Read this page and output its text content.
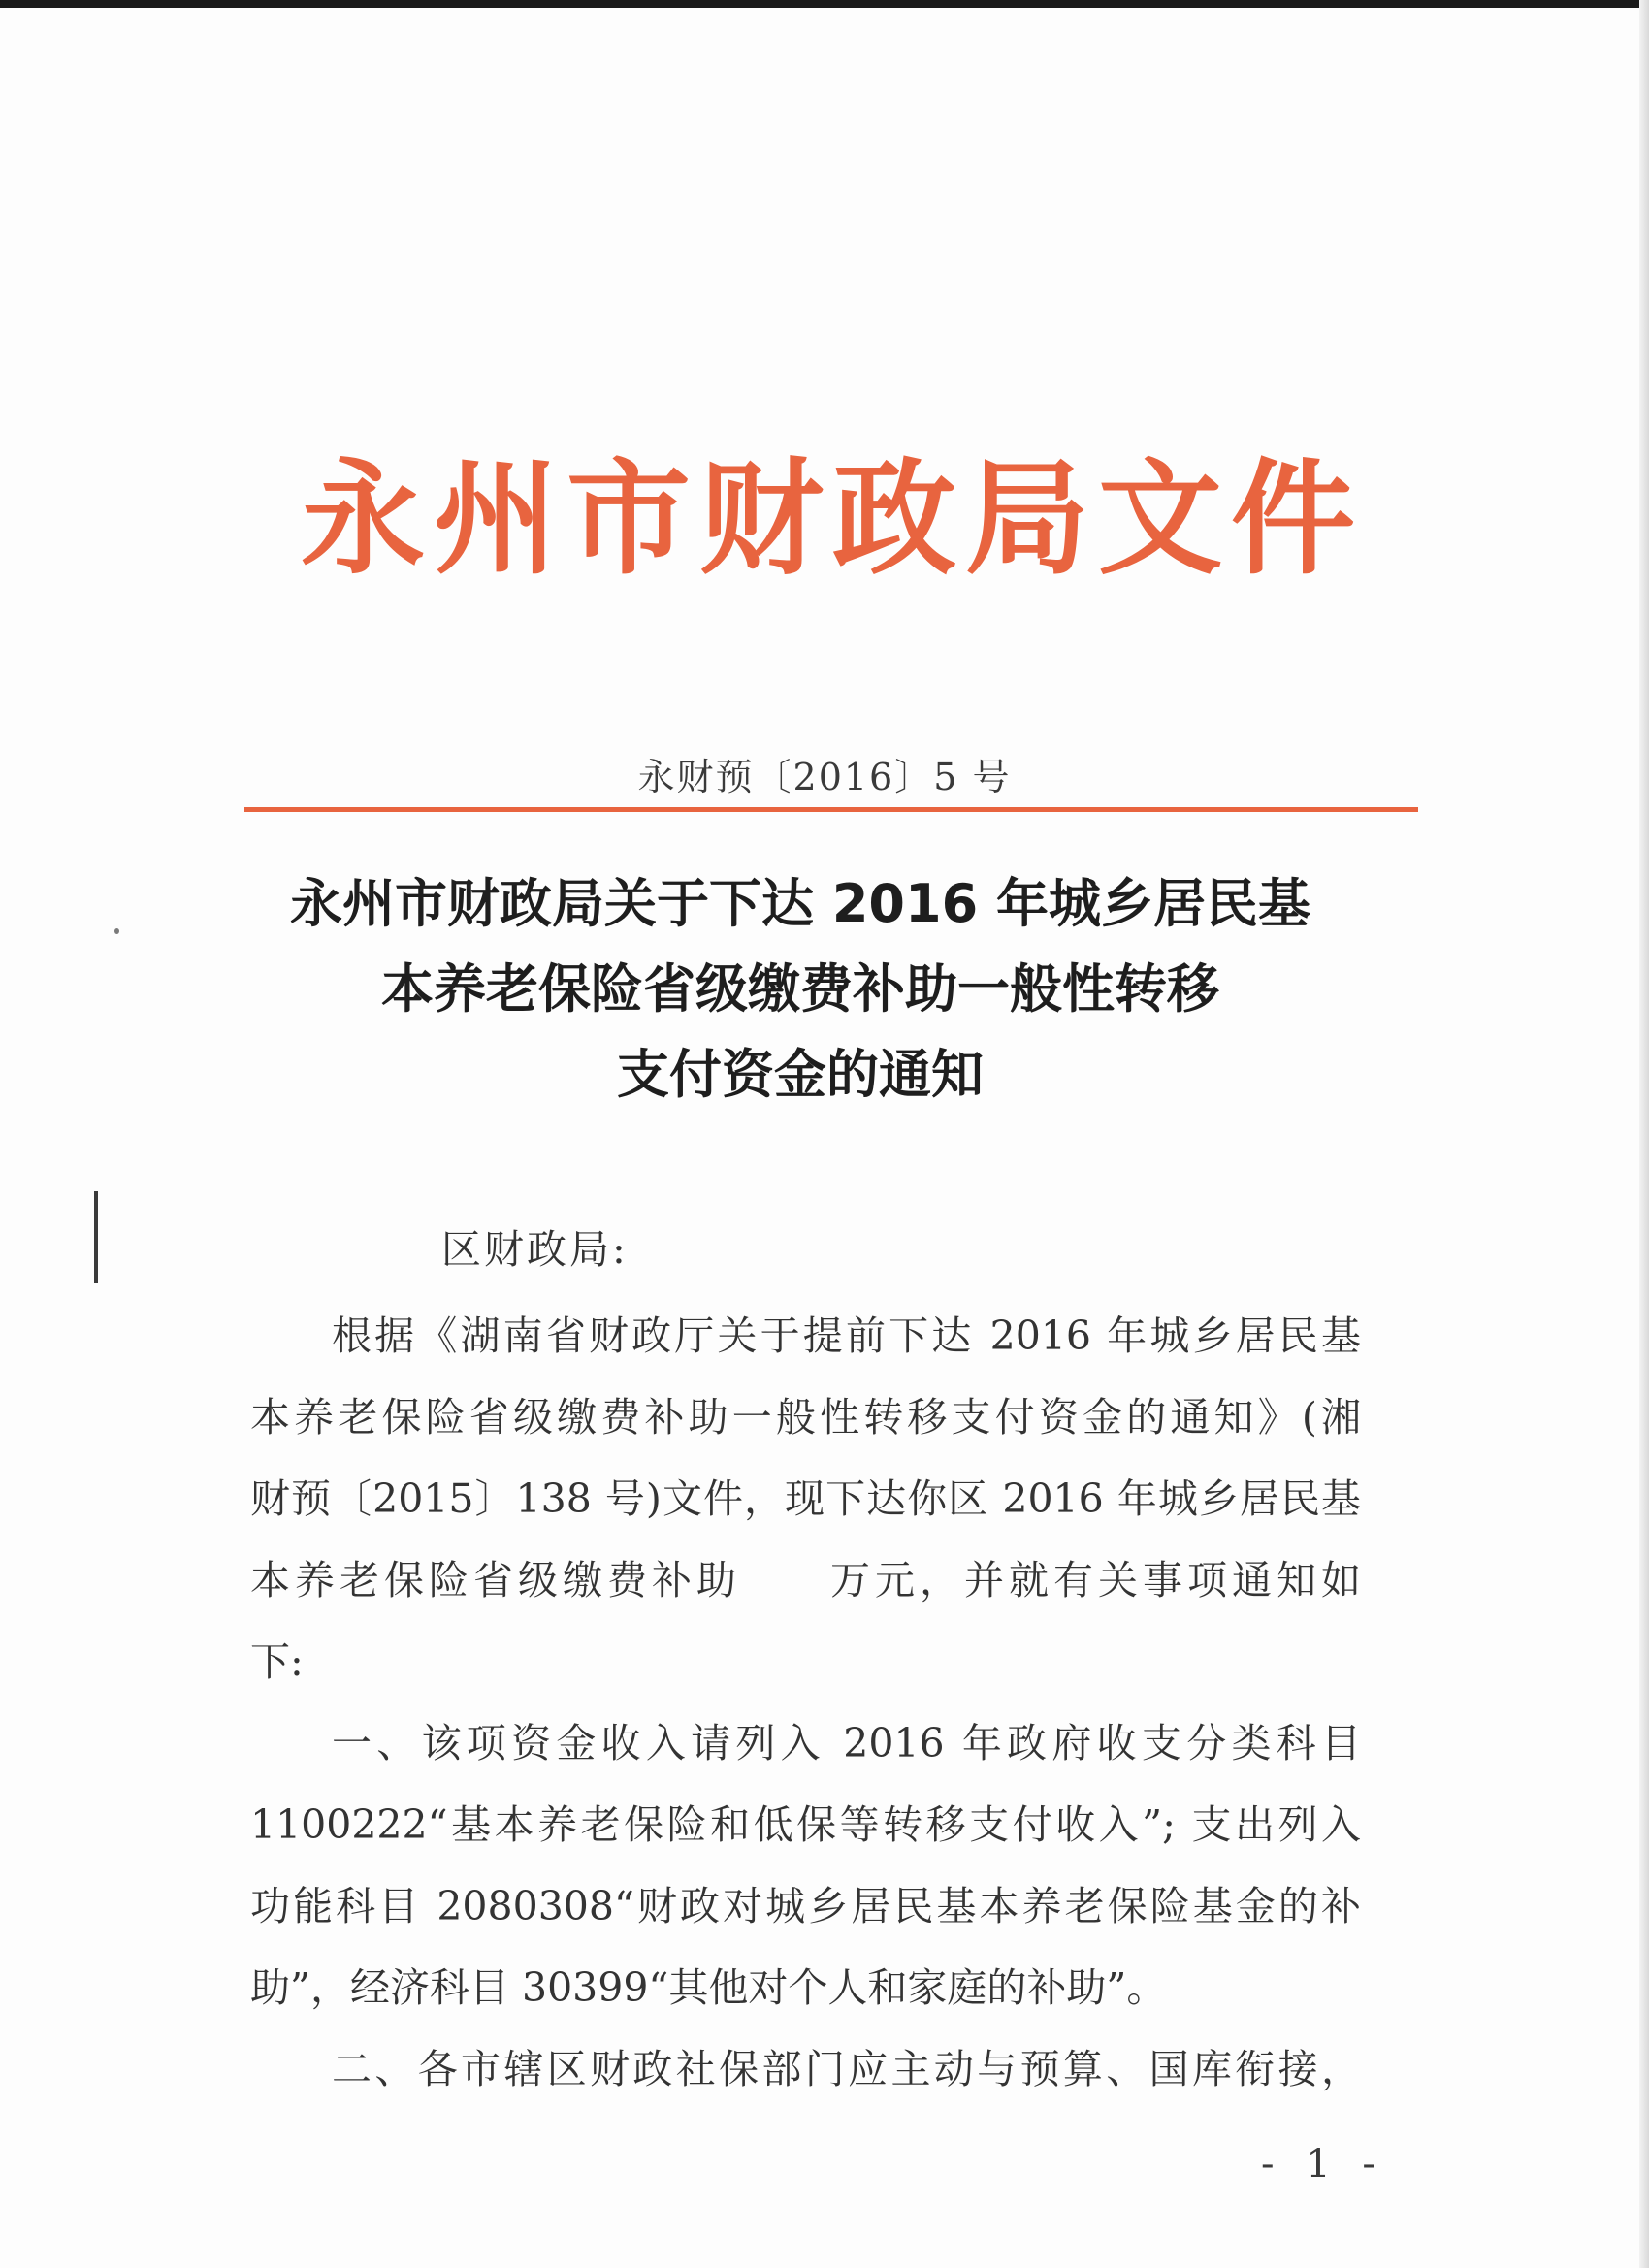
永州市财政局文件
永财预〔2016〕5 号
永州市财政局关于下达 2016 年城乡居民基
本养老保险省级缴费补助一般性转移
支付资金的通知
区财政局:
根据《湖南省财政厅关于提前下达 2016 年城乡居民基
本养老保险省级缴费补助一般性转移支付资金的通知》(湘
财预〔2015〕138 号)文件，现下达你区 2016 年城乡居民基
本养老保险省级缴费补助　　万元，并就有关事项通知如
下:
一、该项资金收入请列入 2016 年政府收支分类科目
1100222“基本养老保险和低保等转移支付收入”; 支出列入
功能科目 2080308“财政对城乡居民基本养老保险基金的补
助”，经济科目 30399“其他对个人和家庭的补助”。
二、各市辖区财政社保部门应主动与预算、国库衔接，
- 1 -
